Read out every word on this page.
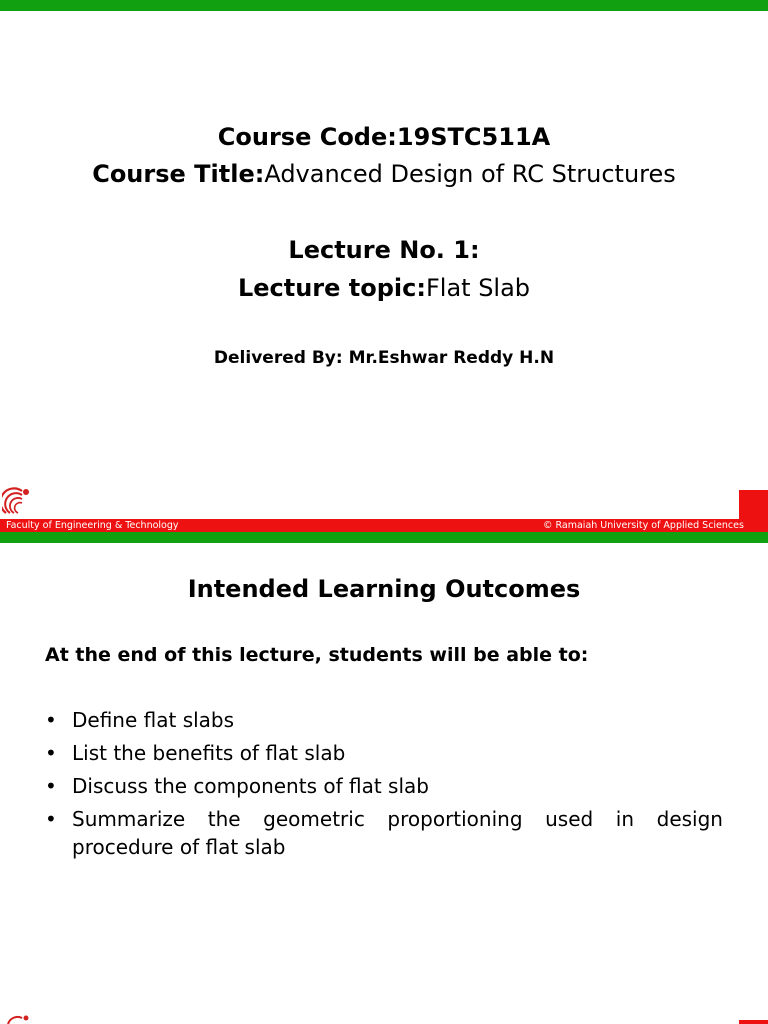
Course Code:19STC511A
Course Title:Advanced Design of RC Structures
Lecture No. 1:
Lecture topic:Flat Slab
Delivered By: Mr.Eshwar Reddy H.N
Faculty of Engineering & Technology	© Ramaiah University of Applied Sciences
Intended Learning Outcomes
At the end of this lecture, students will be able to:
• Define flat slabs
• List the benefits of flat slab
• Discuss the components of flat slab
• Summarize the geometric proportioning used in design procedure of flat slab
